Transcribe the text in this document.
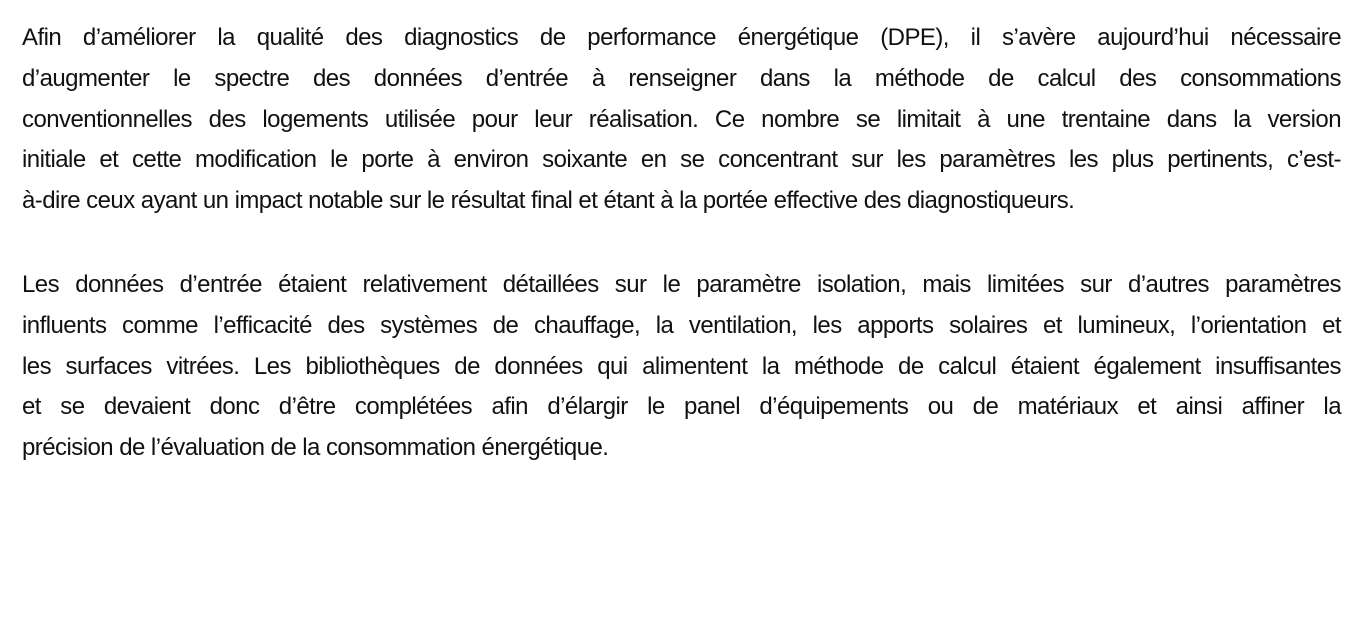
Afin d’améliorer la qualité des diagnostics de performance énergétique (DPE), il s’avère aujourd’hui nécessaire
d’augmenter le spectre des données d’entrée à renseigner dans la méthode de calcul des consommations
conventionnelles des logements utilisée pour leur réalisation. Ce nombre se limitait à une trentaine dans la version
initiale et cette modification le porte à environ soixante en se concentrant sur les paramètres les plus pertinents, c’est-
à-dire ceux ayant un impact notable sur le résultat final et étant à la portée effective des diagnostiqueurs.

Les données d’entrée étaient relativement détaillées sur le paramètre isolation, mais limitées sur d’autres paramètres
influents comme l’efficacité des systèmes de chauffage, la ventilation, les apports solaires et lumineux, l’orientation et
les surfaces vitrées. Les bibliothèques de données qui alimentent la méthode de calcul étaient également insuffisantes
et se devaient donc d’être complétées afin d’élargir le panel d’équipements ou de matériaux et ainsi affiner la
précision de l’évaluation de la consommation énergétique.
